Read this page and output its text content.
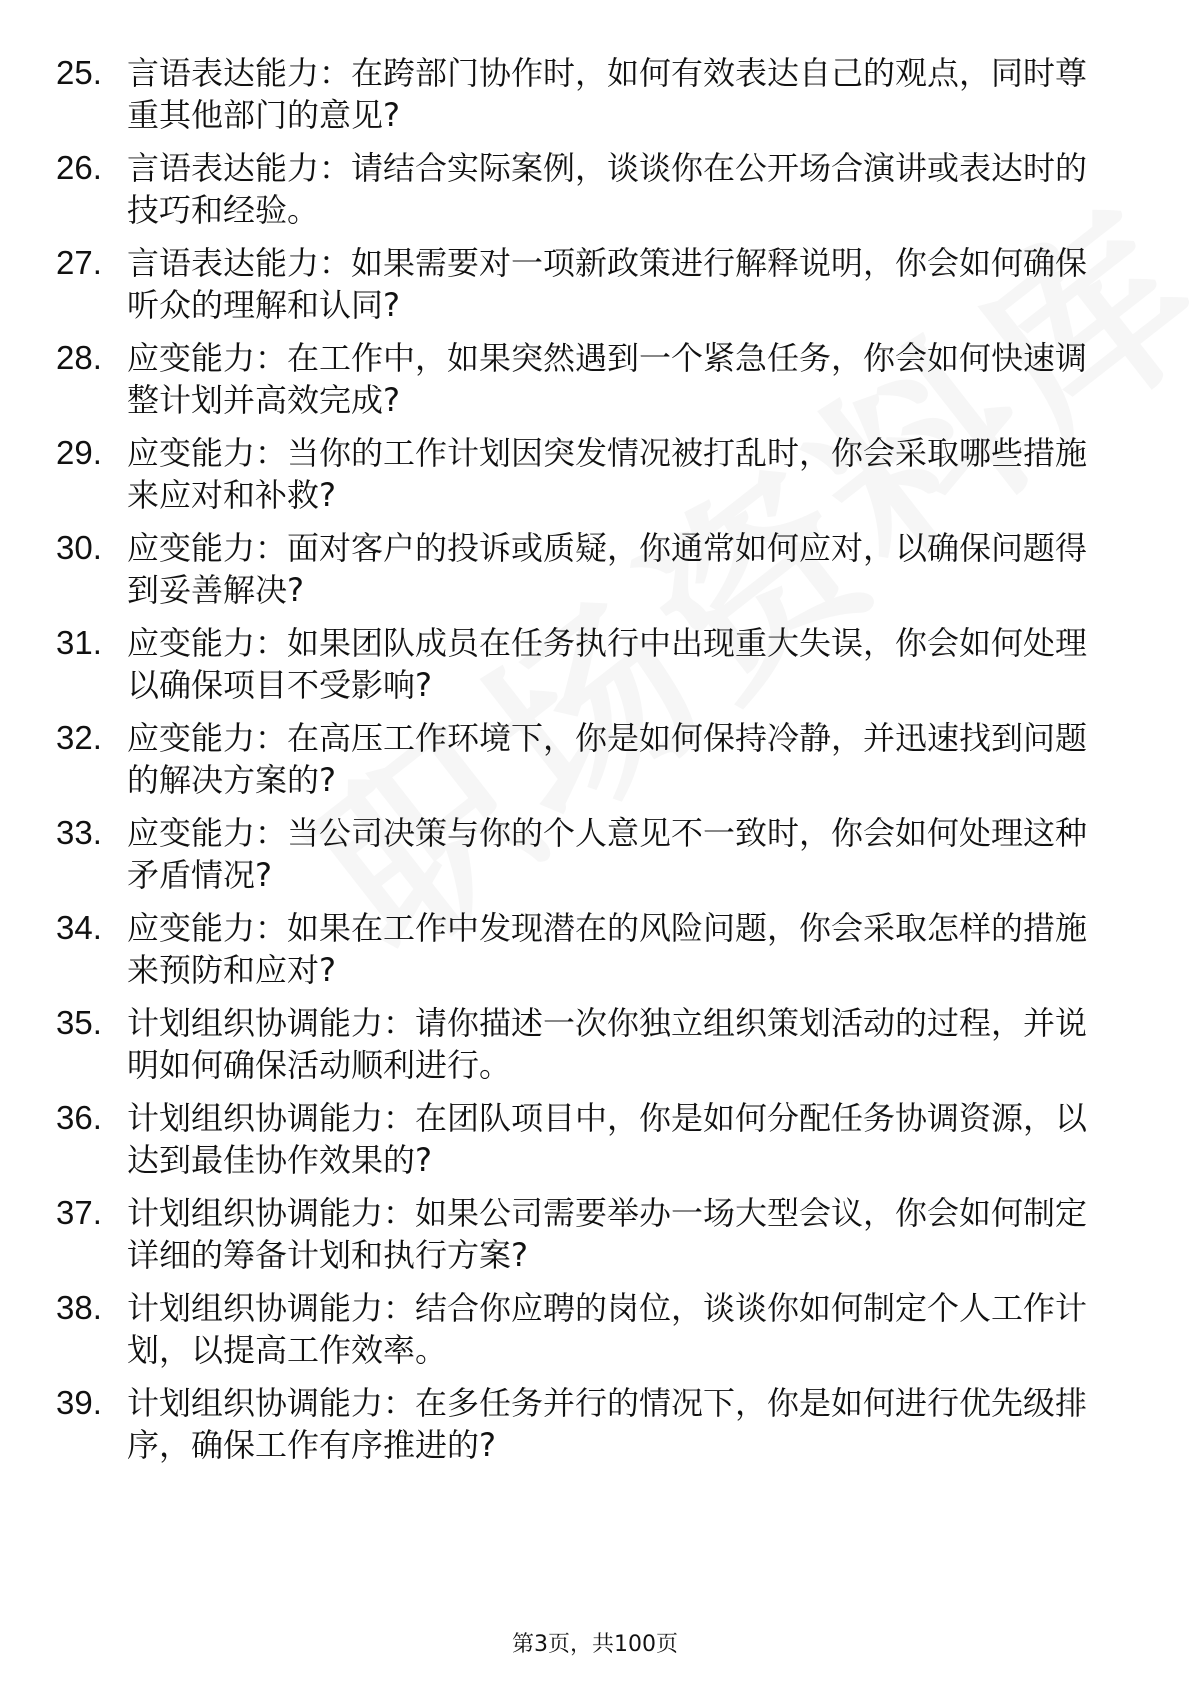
25. 言语表达能力：在跨部门协作时，如何有效表达自己的观点，同时尊重其他部门的意见?
26. 言语表达能力：请结合实际案例，谈谈你在公开场合演讲或表达时的技巧和经验。
27. 言语表达能力：如果需要对一项新政策进行解释说明，你会如何确保听众的理解和认同?
28. 应变能力：在工作中，如果突然遇到一个紧急任务，你会如何快速调整计划并高效完成?
29. 应变能力：当你的工作计划因突发情况被打乱时，你会采取哪些措施来应对和补救?
30. 应变能力：面对客户的投诉或质疑，你通常如何应对，以确保问题得到妥善解决?
31. 应变能力：如果团队成员在任务执行中出现重大失误，你会如何处理以确保项目不受影响?
32. 应变能力：在高压工作环境下，你是如何保持冷静，并迅速找到问题的解决方案的?
33. 应变能力：当公司决策与你的个人意见不一致时，你会如何处理这种矛盾情况?
34. 应变能力：如果在工作中发现潜在的风险问题，你会采取怎样的措施来预防和应对?
35. 计划组织协调能力：请你描述一次你独立组织策划活动的过程，并说明如何确保活动顺利进行。
36. 计划组织协调能力：在团队项目中，你是如何分配任务协调资源，以达到最佳协作效果的?
37. 计划组织协调能力：如果公司需要举办一场大型会议，你会如何制定详细的筹备计划和执行方案?
38. 计划组织协调能力：结合你应聘的岗位，谈谈你如何制定个人工作计划，以提高工作效率。
39. 计划组织协调能力：在多任务并行的情况下，你是如何进行优先级排序，确保工作有序推进的?
第3页，共100页
